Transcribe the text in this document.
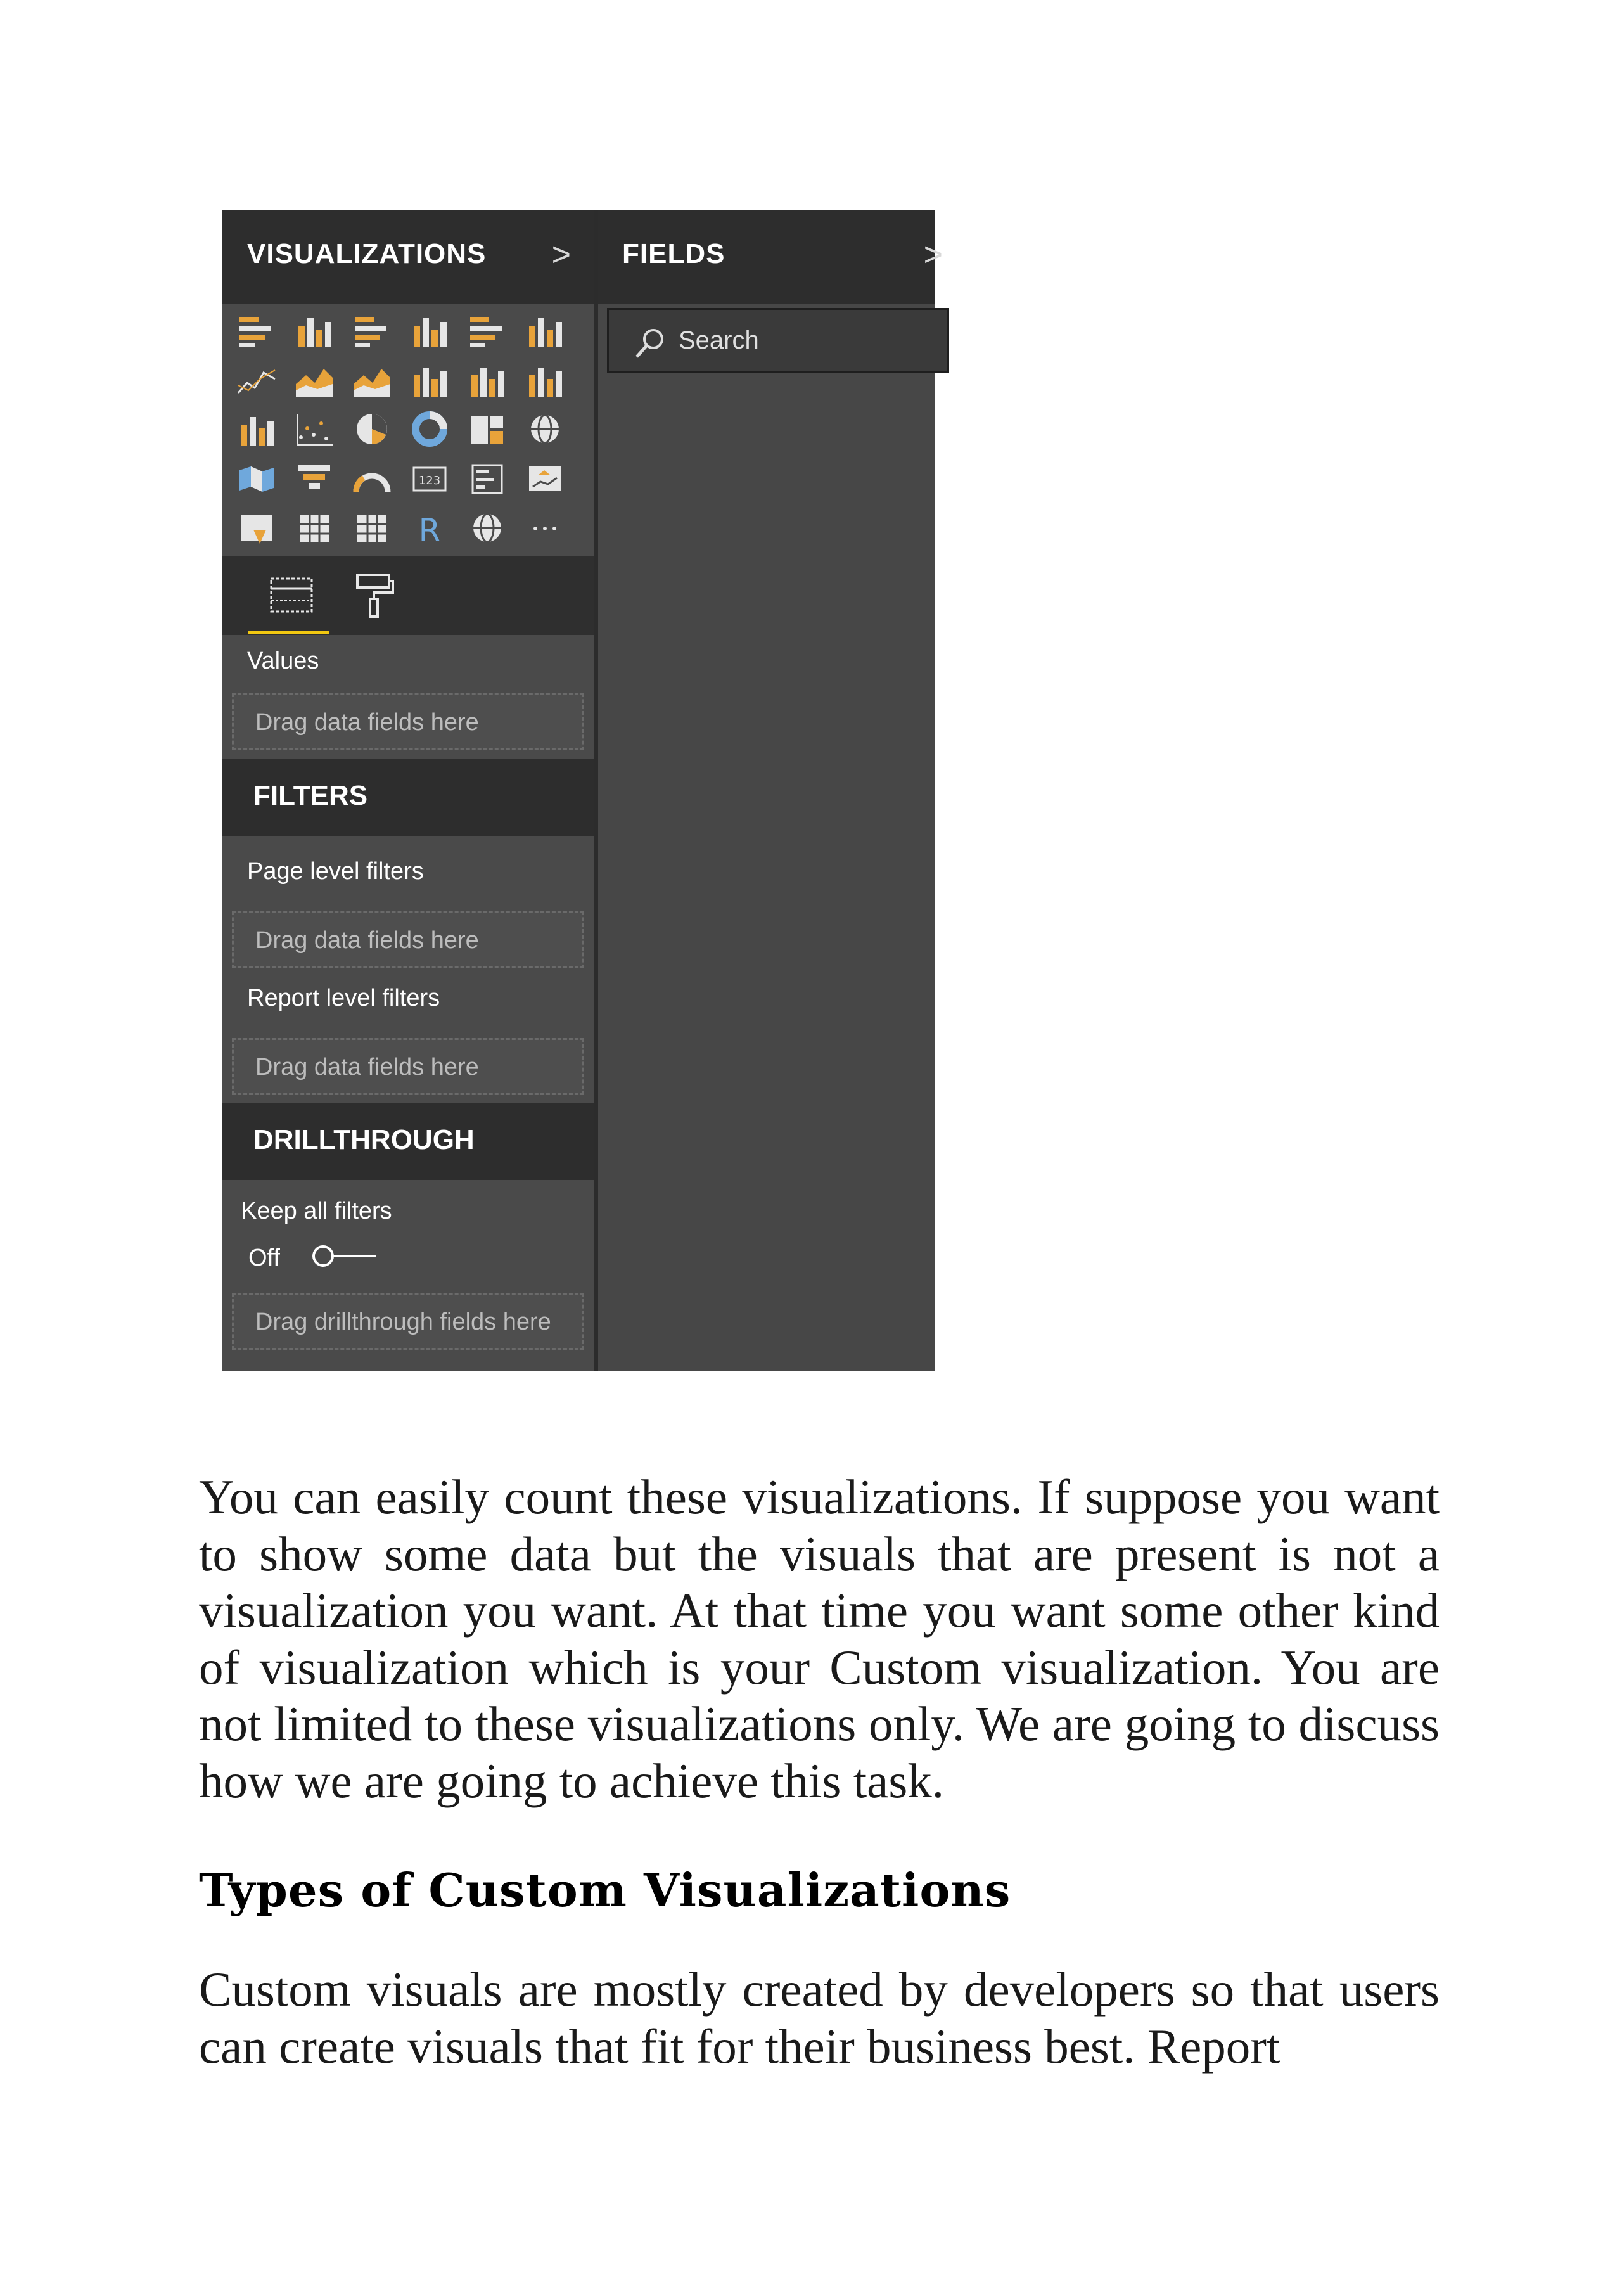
VISUALIZATIONS >
123
R
Values
Drag data fields here
FILTERS
Page level filters
Drag data fields here
Report level filters
Drag data fields here
DRILLTHROUGH
Keep all filters
Off
Drag drillthrough fields here
FIELDS	>
Search
You can easily count these visualizations. If suppose you want to show some data but the visuals that are present is not a visualization you want. At that time you want some other kind of visualization which is your Custom visualization. You are not limited to these visualizations only. We are going to discuss how we are going to achieve this task.
Types of Custom Visualizations
Custom visuals are mostly created by developers so that users can create visuals that fit for their business best. Report
